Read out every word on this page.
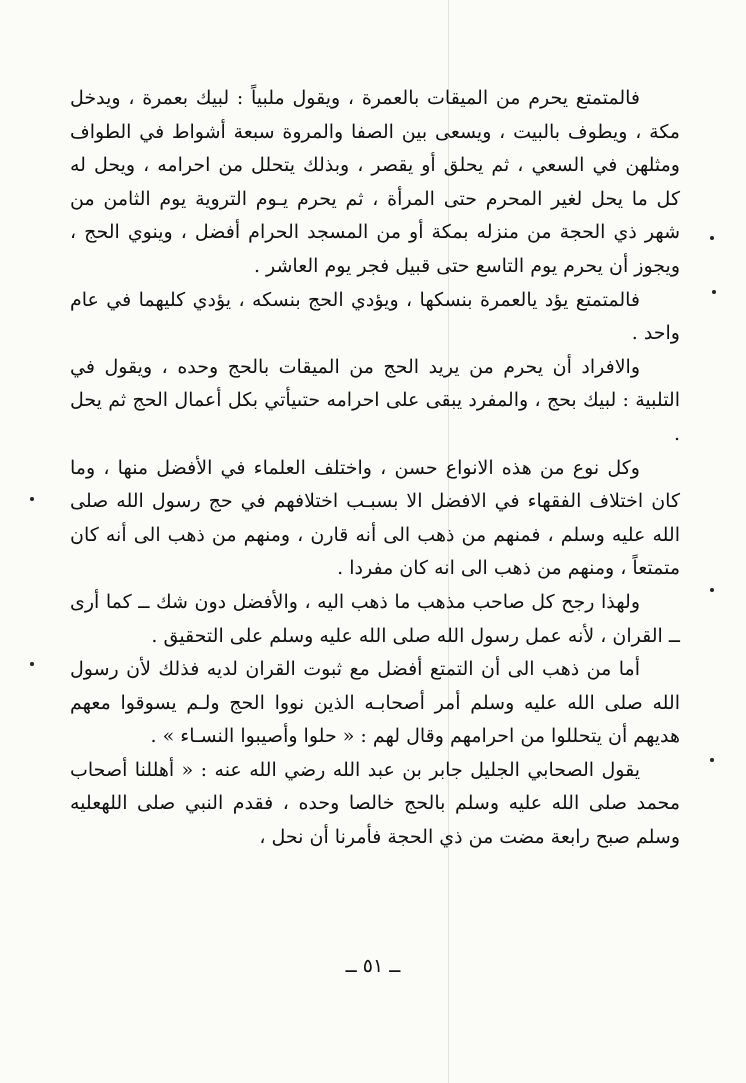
فالمتمتع يحرم من الميقات بالعمرة ، ويقول ملبياً : لبيك بعمرة ، ويدخل مكة ، ويطوف بالبيت ، ويسعى بين الصفا والمروة سبعة أشواط في الطواف ومثلهن في السعي ، ثم يحلق أو يقصر ، وبذلك يتحلل من احرامه ، ويحل له كل ما يحل لغير المحرم حتى المرأة ، ثم يحرم يـوم التروية يوم الثامن من شهر ذي الحجة من منزله بمكة أو من المسجد الحرام أفضل ، وينوي الحج ، ويجوز أن يحرم يوم التاسع حتى قبيل فجر يوم العاشر .

فالمتمتع يؤد يالعمرة بنسكها ، ويؤدي الحج بنسكه ، يؤدي كليهما في عام واحد .

والافراد أن يحرم من يريد الحج من الميقات بالحج وحده ، ويقول في التلبية : لبيك بحج ، والمفرد يبقى على احرامه حتىيأتي بكل أعمال الحج ثم يحل .

وكل نوع من هذه الانواع حسن ، واختلف العلماء في الأفضل منها ، وما كان اختلاف الفقهاء في الافضل الا بسبـب اختلافهم في حج رسول الله صلى الله عليه وسلم ، فمنهم من ذهب الى أنه قارن ، ومنهم من ذهب الى أنه كان متمتعاً ، ومنهم من ذهب الى انه كان مفردا .

ولهذا رجح كل صاحب مذهب ما ذهب اليه ، والأفضل دون شك ــ كما أرى ــ القران ، لأنه عمل رسول الله صلى الله عليه وسلم على التحقيق .

أما من ذهب الى أن التمتع أفضل مع ثبوت القران لديه فذلك لأن رسول الله صلى الله عليه وسلم أمر أصحابـه الذين نووا الحج ولـم يسوقوا معهم هديهم أن يتحللوا من احرامهم وقال لهم : « حلوا وأصيبوا النسـاء » .

يقول الصحابي الجليل جابر بن عبد الله رضي الله عنه : « أهللنا أصحاب محمد صلى الله عليه وسلم بالحج خالصا وحده ، فقدم النبي صلى اللهعليه وسلم صبح رابعة مضت من ذي الحجة فأمرنا أن نحل ،

ــ ٥١ ــ
